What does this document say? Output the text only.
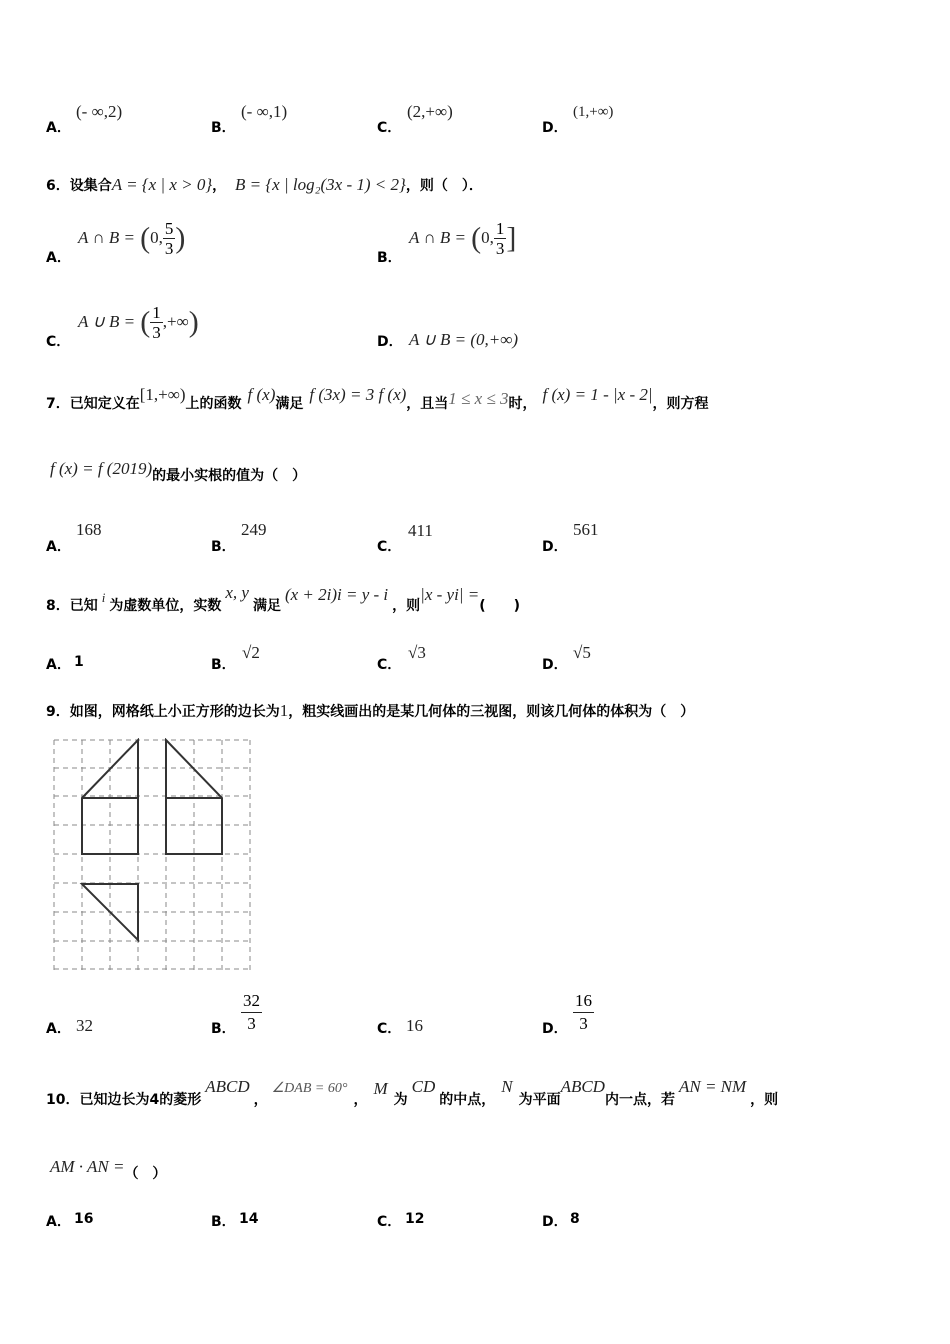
A．
(- ∞,2)
B．
(- ∞,1)
C．
(2,+∞)
D．
(1,+∞)
6．设集合A = {x | x > 0}， B = {x | log₂(3x - 1) < 2}，则（　）．
A．
A ∩ B = (0, $\frac{5}{3}$ )
B．
A ∩ B = (0, $\frac{1}{3}$ ]
C．
A ∪ B = ( $\frac{1}{3}$ ,+∞)
D． A ∪ B = (0,+∞)
7．已知定义在[1,+∞)上的函数 f (x)满足 f (3x) = 3 f (x)，且当1 ≤ x ≤ 3时， f (x) = 1 - |x - 2|，则方程
f (x) = f (2019)的最小实根的值为（　）
A．
168
B．
249
C．
411
D．
561
8．已知i为虚数单位，实数x, y满足(x + 2i)i = y - i，则|x - yi| =(　　)
A． 1	B．
√2
C．
√3
D．
√5
9．如图，网格纸上小正方形的边长为1，粗实线画出的是某几何体的三视图，则该几何体的体积为（　）
A． 32	B． $\frac{32}{3}$	C． 16	D． $\frac{16}{3}$
10．已知边长为4的菱形ABCD，∠DAB = 60°，M为CD的中点，N为平面ABCD内一点，若AN = NM，则
AM · AN =（　）
A． 16	B． 14	C． 12	D． 8
